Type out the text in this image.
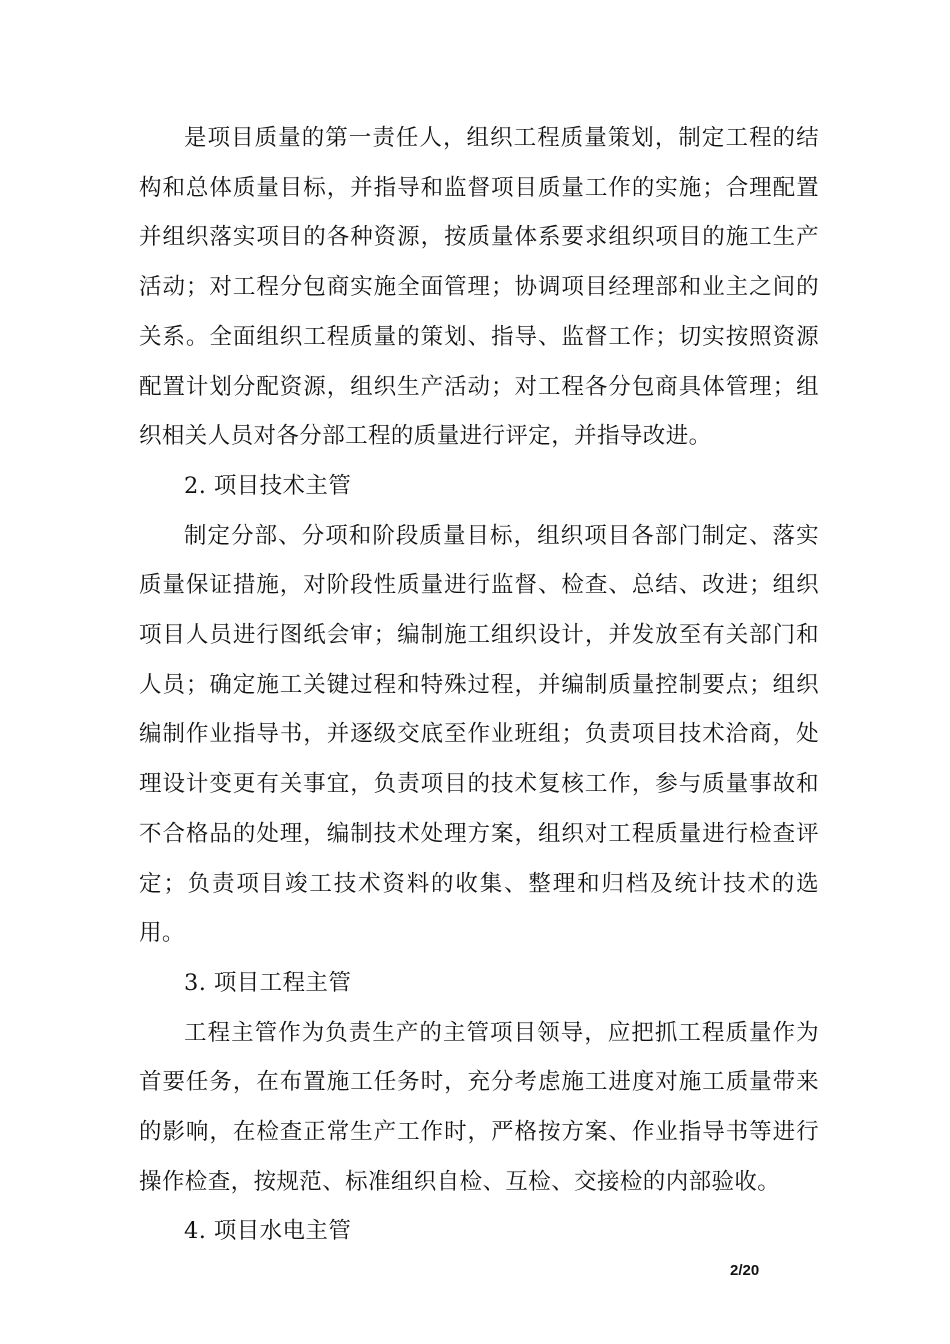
是项目质量的第一责任人，组织工程质量策划，制定工程的结构和总体质量目标，并指导和监督项目质量工作的实施；合理配置并组织落实项目的各种资源，按质量体系要求组织项目的施工生产活动；对工程分包商实施全面管理；协调项目经理部和业主之间的关系。全面组织工程质量的策划、指导、监督工作；切实按照资源配置计划分配资源，组织生产活动；对工程各分包商具体管理；组织相关人员对各分部工程的质量进行评定，并指导改进。

2. 项目技术主管

制定分部、分项和阶段质量目标，组织项目各部门制定、落实质量保证措施，对阶段性质量进行监督、检查、总结、改进；组织项目人员进行图纸会审；编制施工组织设计，并发放至有关部门和人员；确定施工关键过程和特殊过程，并编制质量控制要点；组织编制作业指导书，并逐级交底至作业班组；负责项目技术洽商，处理设计变更有关事宜，负责项目的技术复核工作，参与质量事故和不合格品的处理，编制技术处理方案，组织对工程质量进行检查评定；负责项目竣工技术资料的收集、整理和归档及统计技术的选用。

3. 项目工程主管

工程主管作为负责生产的主管项目领导，应把抓工程质量作为首要任务，在布置施工任务时，充分考虑施工进度对施工质量带来的影响，在检查正常生产工作时，严格按方案、作业指导书等进行操作检查，按规范、标准组织自检、互检、交接检的内部验收。

4. 项目水电主管

2/20
